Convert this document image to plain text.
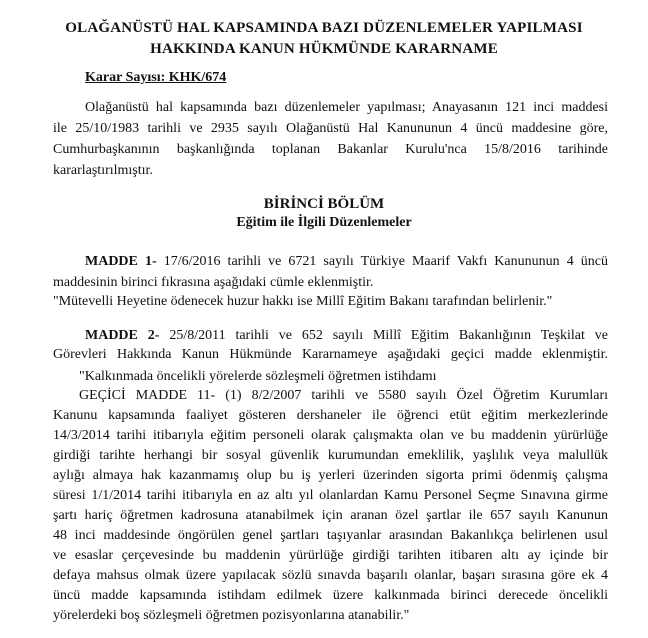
OLAĞANÜSTÜ HAL KAPSAMINDA BAZI DÜZENLEMELER YAPILMASI
HAKKINDA KANUN HÜKMÜNDE KARARNAME
Karar Sayısı: KHK/674
Olağanüstü hal kapsamında bazı düzenlemeler yapılması; Anayasanın 121 inci maddesi
ile 25/10/1983 tarihli ve 2935 sayılı Olağanüstü Hal Kanununun 4 üncü maddesine göre,
Cumhurbaşkanının başkanlığında toplanan Bakanlar Kurulu'nca 15/8/2016 tarihinde
kararlaştırılmıştır.
BİRİNCİ BÖLÜM
Eğitim ile İlgili Düzenlemeler
MADDE 1- 17/6/2016 tarihli ve 6721 sayılı Türkiye Maarif Vakfı Kanununun 4 üncü
maddesinin birinci fıkrasına aşağıdaki cümle eklenmiştir.
"Mütevelli Heyetine ödenecek huzur hakkı ise Millî Eğitim Bakanı tarafından belirlenir."
MADDE 2- 25/8/2011 tarihli ve 652 sayılı Millî Eğitim Bakanlığının Teşkilat ve
Görevleri Hakkında Kanun Hükmünde Kararnameye aşağıdaki geçici madde eklenmiştir.
"Kalkınmada öncelikli yörelerde sözleşmeli öğretmen istihdamı
GEÇİCİ MADDE 11- (1) 8/2/2007 tarihli ve 5580 sayılı Özel Öğretim Kurumları
Kanunu kapsamında faaliyet gösteren dershaneler ile öğrenci etüt eğitim merkezlerinde
14/3/2014 tarihi itibarıyla eğitim personeli olarak çalışmakta olan ve bu maddenin yürürlüğe
girdiği tarihte herhangi bir sosyal güvenlik kurumundan emeklilik, yaşlılık veya malullük
aylığı almaya hak kazanmamış olup bu iş yerleri üzerinden sigorta primi ödenmiş çalışma
süresi 1/1/2014 tarihi itibarıyla en az altı yıl olanlardan Kamu Personel Seçme Sınavına girme
şartı hariç öğretmen kadrosuna atanabilmek için aranan özel şartlar ile 657 sayılı Kanunun
48 inci maddesinde öngörülen genel şartları taşıyanlar arasından Bakanlıkça belirlenen usul
ve esaslar çerçevesinde bu maddenin yürürlüğe girdiği tarihten itibaren altı ay içinde bir
defaya mahsus olmak üzere yapılacak sözlü sınavda başarılı olanlar, başarı sırasına göre ek 4
üncü madde kapsamında istihdam edilmek üzere kalkınmada birinci derecede öncelikli
yörelerdeki boş sözleşmeli öğretmen pozisyonlarına atanabilir."
